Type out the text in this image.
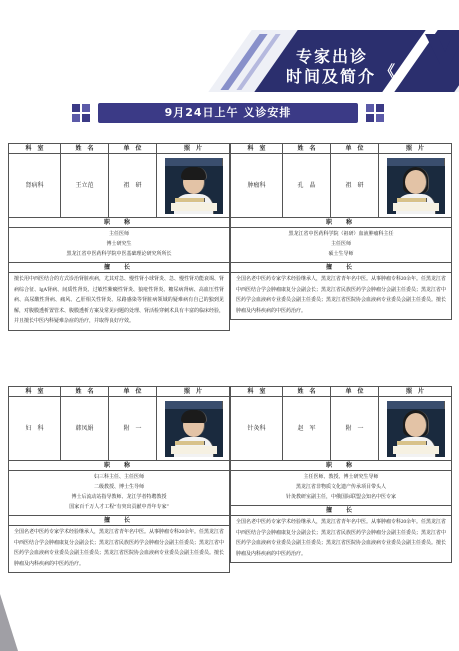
专家出诊
时间及简介 《
9月24日上午 义诊安排
科　室	姓　名	单　位	照　片
肾病科	王立范	祖　研
职　称

主任医师

博士研究生

黑龙江省中医药科学院中医基础理论研究所所长

擅　长
擅长用中西医结合的方式诊治肾脏疾病，尤其对急、慢性肾小球肾炎、急、慢性肾功能衰竭、肾病综合征、IgA肾病、间质性肾炎、过敏性紫癜性肾炎、狼疮性肾炎、糖尿病肾病、高血压性肾病、高尿酸性肾病、痛风、乙肝相关性肾炎、尿路感染等肾脏病领域的疑难病有自己的独到见解，对腹膜透析置管术、腹膜透析方案及常见问题的处理、肾活检穿刺术具有丰富的临床经验，并且擅长中医内科疑难杂症的治疗，并取得良好疗效。
科　室	姓　名	单　位	照　片
肿瘤科	孔　晶	祖　研
职　称

黑龙江省中医药科学院（祖研）血液肿瘤科主任

主任医师

硕士生导师

擅　长
全国名老中医药专家学术经验继承人，黑龙江省青年名中医。从事肿瘤专科20余年。任黑龙江省中西医结合学会肿瘤康复分会副会长；黑龙江省民族医药学会肿瘤分会副主任委员；黑龙江省中医药学会血液病专业委员会副主任委员；黑龙江省医院协会血液病专业委员会副主任委员。擅长肿瘤及内科疾病的中医药治疗。
科　室	姓　名	单　位	照　片
妇　科	韩凤娟	附　一
职　称

妇三科主任、主任医师

二级教授、博士生导师

博士后流动站指导教师、龙江学者特聘教授

国家百千万人才工程“有突出贡献中青年专家”

擅　长
全国名老中医药专家学术经验继承人，黑龙江省青年名中医。从事肿瘤专科20余年。任黑龙江省中西医结合学会肿瘤康复分会副会长；黑龙江省民族医药学会肿瘤分会副主任委员；黑龙江省中医药学会血液病专业委员会副主任委员；黑龙江省医院协会血液病专业委员会副主任委员。擅长肿瘤及内科疾病的中医药治疗。
科　室	姓　名	单　位	照　片
针灸科	赵　军	附　一
职　称

主任医师、教授、博士研究生导师

黑龙江省非物质文化遗产传承项目带头人

针灸教研室副主任，中俄国际联盟会知名中医专家

擅　长
全国名老中医药专家学术经验继承人，黑龙江省青年名中医。从事肿瘤专科20余年。任黑龙江省中西医结合学会肿瘤康复分会副会长；黑龙江省民族医药学会肿瘤分会副主任委员；黑龙江省中医药学会血液病专业委员会副主任委员；黑龙江省医院协会血液病专业委员会副主任委员。擅长肿瘤及内科疾病的中医药治疗。
